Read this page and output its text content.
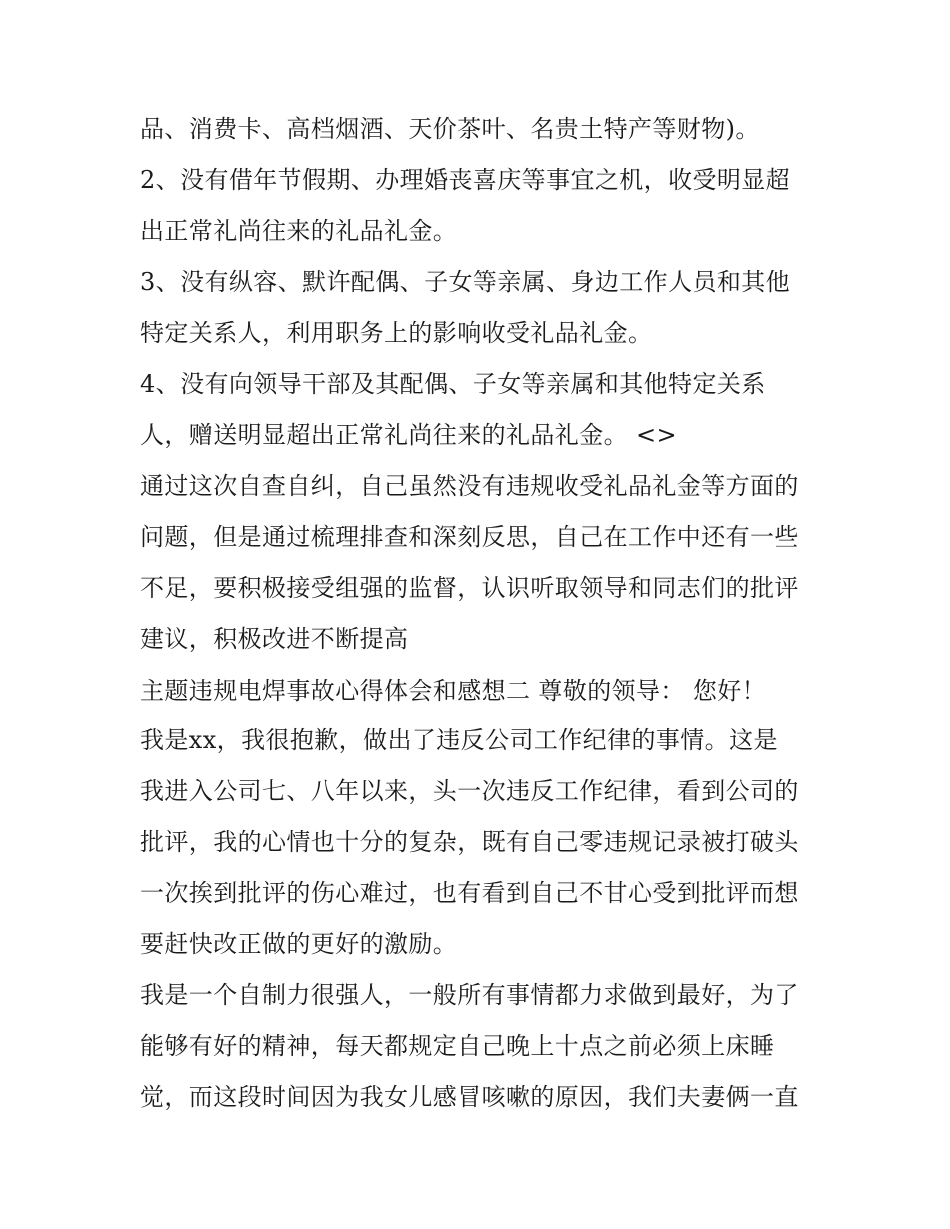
品、消费卡、高档烟酒、天价茶叶、名贵土特产等财物)。
2、没有借年节假期、办理婚丧喜庆等事宜之机，收受明显超
出正常礼尚往来的礼品礼金。
3、没有纵容、默许配偶、子女等亲属、身边工作人员和其他
特定关系人，利用职务上的影响收受礼品礼金。
4、没有向领导干部及其配偶、子女等亲属和其他特定关系
人，赠送明显超出正常礼尚往来的礼品礼金。 <>
通过这次自查自纠，自己虽然没有违规收受礼品礼金等方面的
问题，但是通过梳理排查和深刻反思，自己在工作中还有一些
不足，要积极接受组强的监督，认识听取领导和同志们的批评
建议，积极改进不断提高
主题违规电焊事故心得体会和感想二 尊敬的领导： 您好！
我是xx，我很抱歉，做出了违反公司工作纪律的事情。这是
我进入公司七、八年以来，头一次违反工作纪律，看到公司的
批评，我的心情也十分的复杂，既有自己零违规记录被打破头
一次挨到批评的伤心难过，也有看到自己不甘心受到批评而想
要赶快改正做的更好的激励。
我是一个自制力很强人，一般所有事情都力求做到最好，为了
能够有好的精神，每天都规定自己晚上十点之前必须上床睡
觉，而这段时间因为我女儿感冒咳嗽的原因，我们夫妻俩一直
